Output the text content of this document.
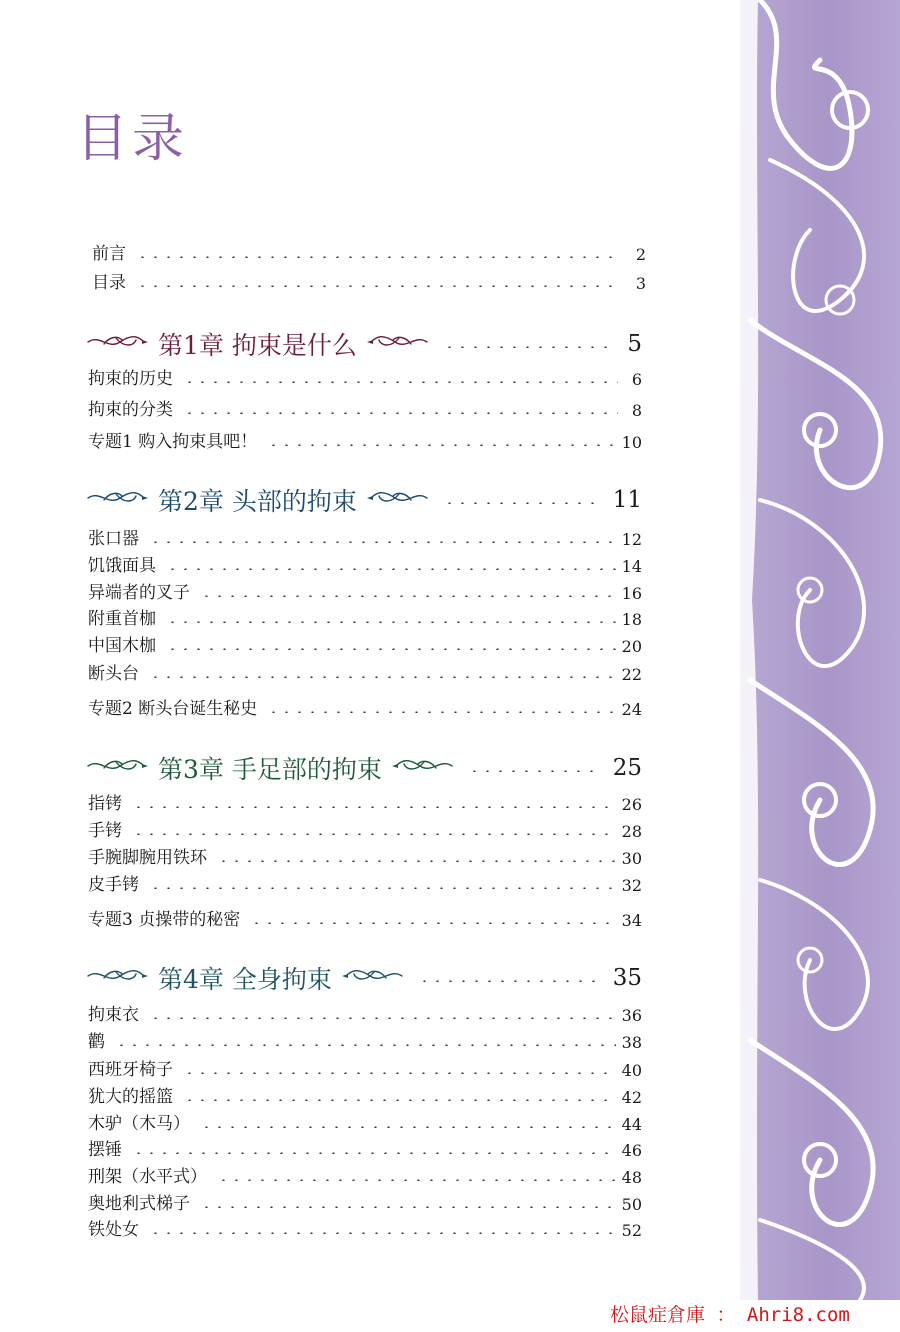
目录
前言	2
目录	3
第1章 拘束是什么	5
拘束的历史	6
拘束的分类	8
专题1 购入拘束具吧！	10
第2章 头部的拘束	11
张口器	12
饥饿面具	14
异端者的叉子	16
附重首枷	18
中国木枷	20
断头台	22
专题2 断头台诞生秘史	24
第3章 手足部的拘束	25
指铐	26
手铐	28
手腕脚腕用铁环	30
皮手铐	32
专题3 贞操带的秘密	34
第4章 全身拘束	35
拘束衣	36
鹳	38
西班牙椅子	40
犹大的摇篮	42
木驴（木马）	44
摆锤	46
刑架（水平式）	48
奥地利式梯子	50
铁处女	52
松鼠症倉庫 ： Ahri8.com
